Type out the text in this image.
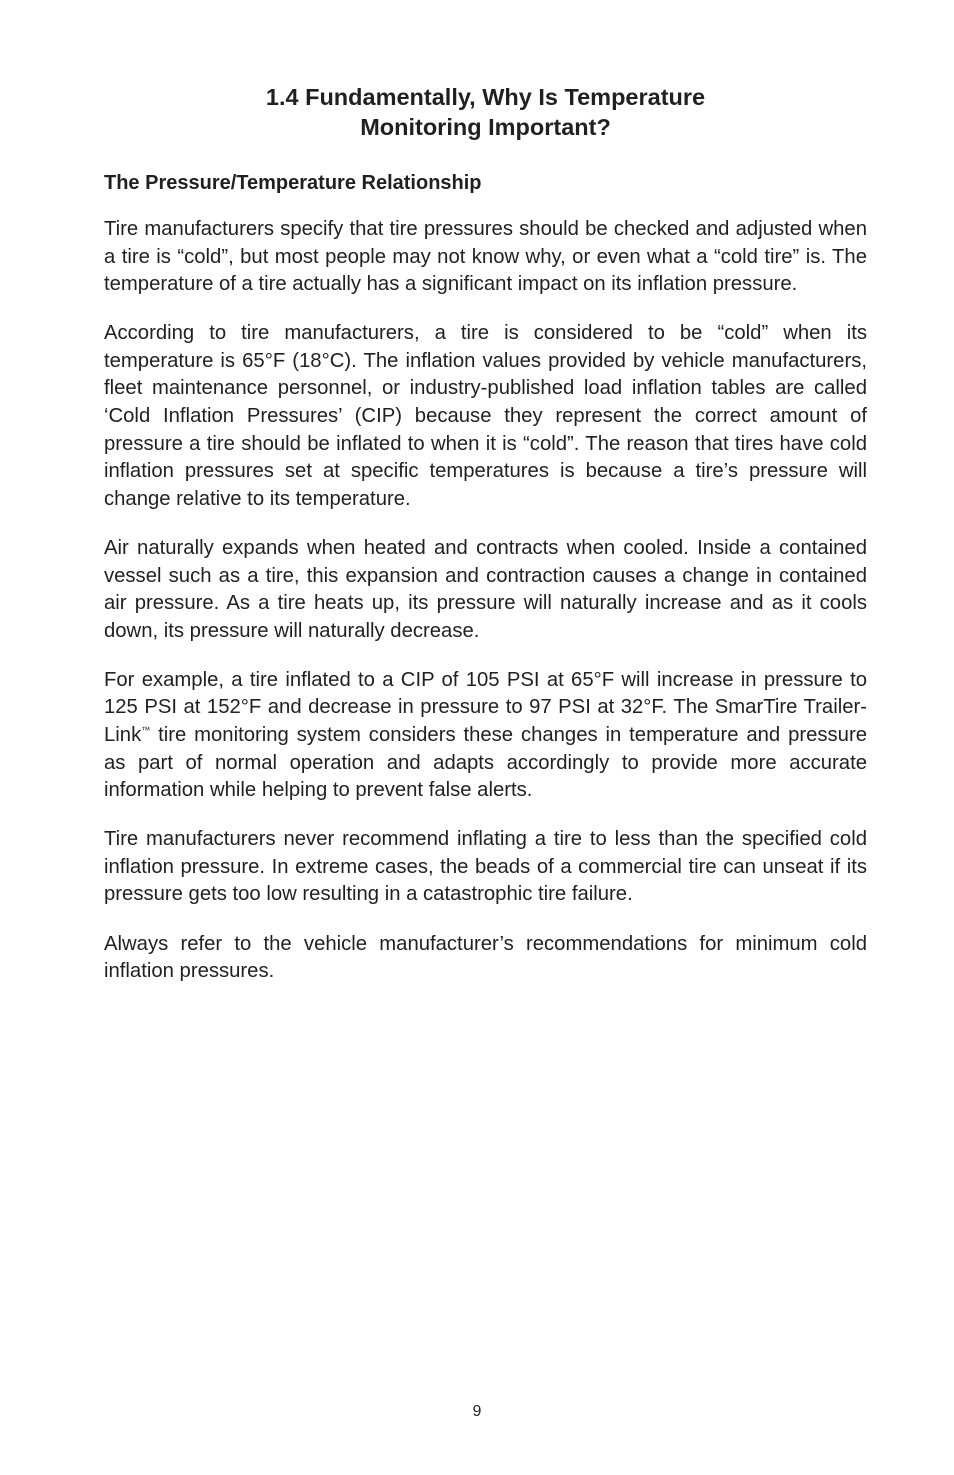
1.4 Fundamentally, Why Is Temperature
Monitoring Important?
The Pressure/Temperature Relationship

Tire manufacturers specify that tire pressures should be checked and adjusted when a tire is “cold”, but most people may not know why, or even what a “cold tire” is. The temperature of a tire actually has a significant impact on its inflation pressure.

According to tire manufacturers, a tire is considered to be “cold” when its temperature is 65°F (18°C). The inflation values provided by vehicle manufacturers, fleet maintenance personnel, or industry-published load inflation tables are called ‘Cold Inflation Pressures’ (CIP) because they represent the correct amount of pressure a tire should be inflated to when it is “cold”. The reason that tires have cold inflation pressures set at specific temperatures is because a tire’s pressure will change relative to its temperature.

Air naturally expands when heated and contracts when cooled. Inside a contained vessel such as a tire, this expansion and contraction causes a change in contained air pressure. As a tire heats up, its pressure will naturally increase and as it cools down, its pressure will naturally decrease.

For example, a tire inflated to a CIP of 105 PSI at 65°F will increase in pressure to 125 PSI at 152°F and decrease in pressure to 97 PSI at 32°F. The SmarTire Trailer-Link™ tire monitoring system considers these changes in temperature and pressure as part of normal operation and adapts accordingly to provide more accurate information while helping to prevent false alerts.

Tire manufacturers never recommend inflating a tire to less than the specified cold inflation pressure. In extreme cases, the beads of a commercial tire can unseat if its pressure gets too low resulting in a catastrophic tire failure.

Always refer to the vehicle manufacturer’s recommendations for minimum cold inflation pressures.

9
